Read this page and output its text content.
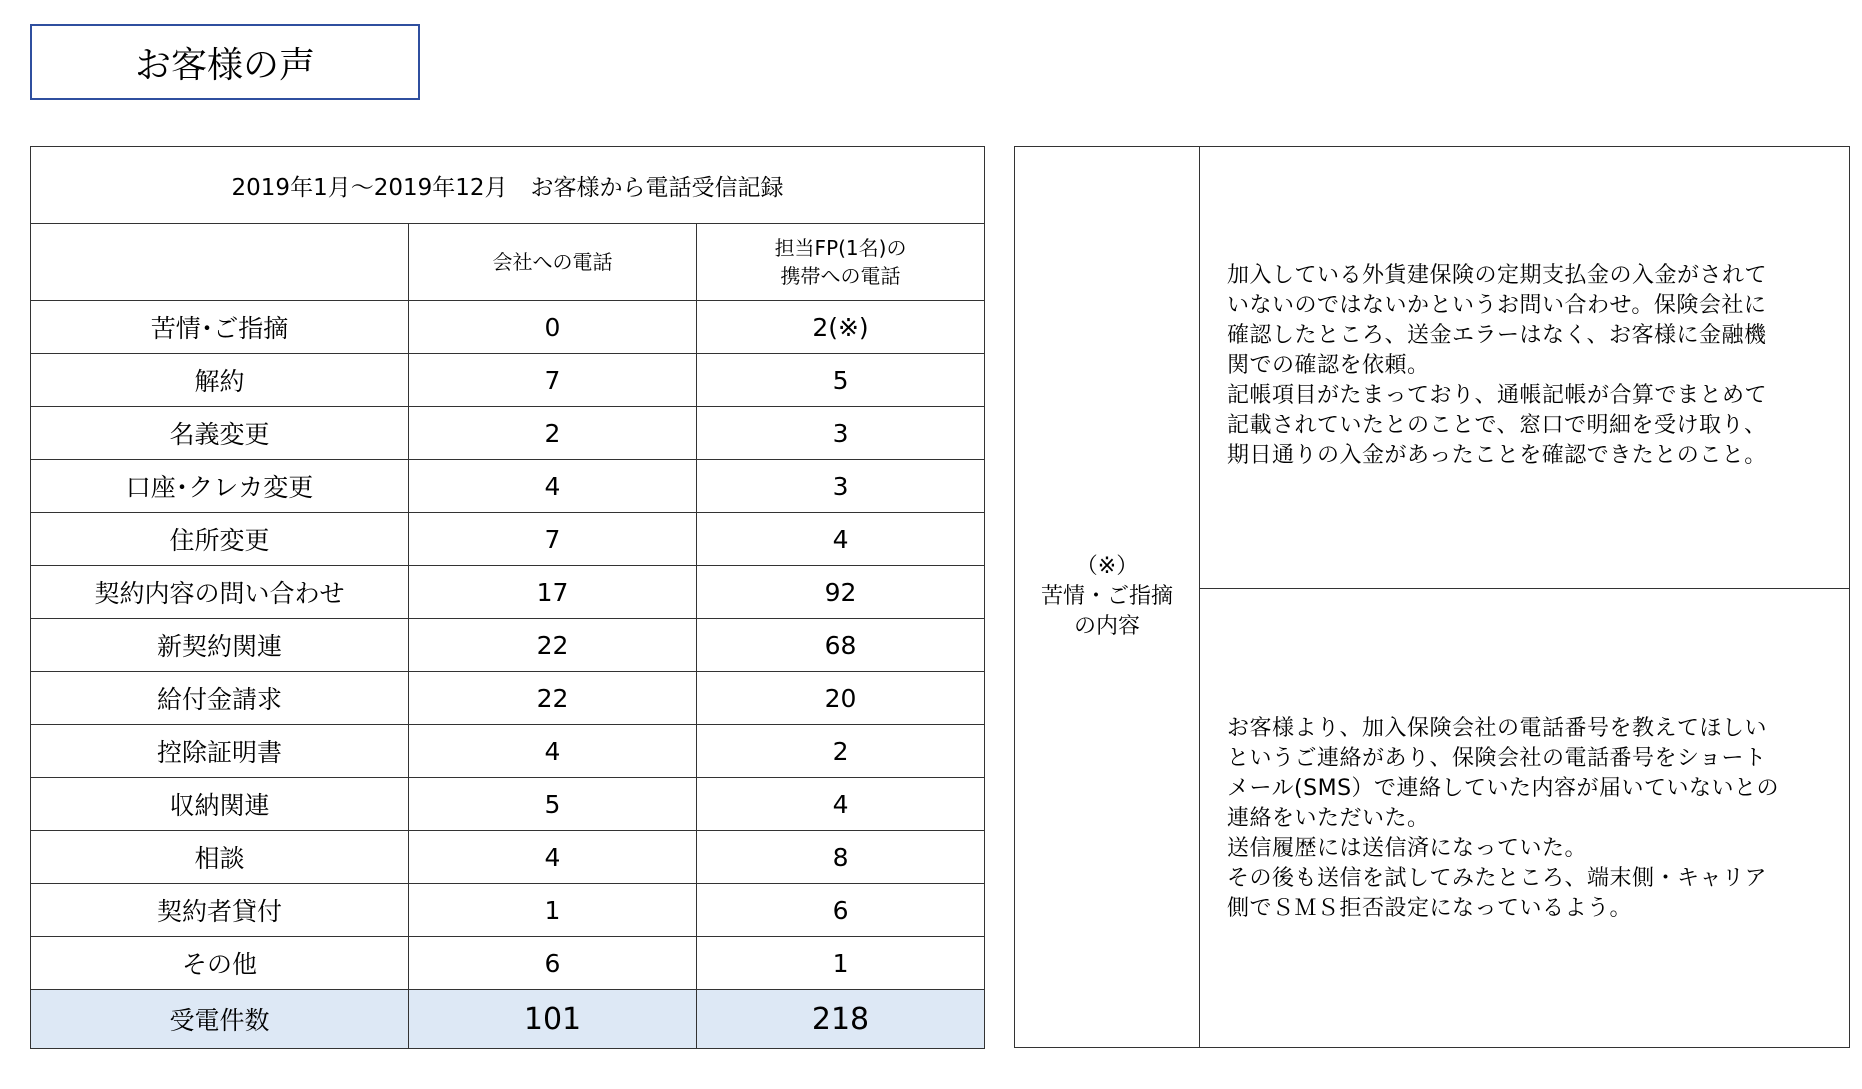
お客様の声
2019年1月～2019年12月　お客様から電話受信記録		
	会社への電話	担当FP(1名)の
携帯への電話

苦情･ご指摘	0	2(※)
解約	7	5
名義変更	2	3
口座･クレカ変更	4	3
住所変更	7	4
契約内容の問い合わせ	17	92
新契約関連	22	68
給付金請求	22	20
控除証明書	4	2
収納関連	5	4
相談	4	8
契約者貸付	1	6
その他	6	1
受電件数	101	218
（※）
苦情・ご指摘
の内容
加入している外貨建保険の定期支払金の入金がされて
いないのではないかというお問い合わせ。保険会社に
確認したところ、送金エラーはなく、お客様に金融機
関での確認を依頼。
記帳項目がたまっており、通帳記帳が合算でまとめて
記載されていたとのことで、窓口で明細を受け取り、
期日通りの入金があったことを確認できたとのこと。
お客様より、加入保険会社の電話番号を教えてほしい
というご連絡があり、保険会社の電話番号をショート
メール(SMS）で連絡していた内容が届いていないとの
連絡をいただいた。
送信履歴には送信済になっていた。
その後も送信を試してみたところ、端末側・キャリア
側でＳＭＳ拒否設定になっているよう。
